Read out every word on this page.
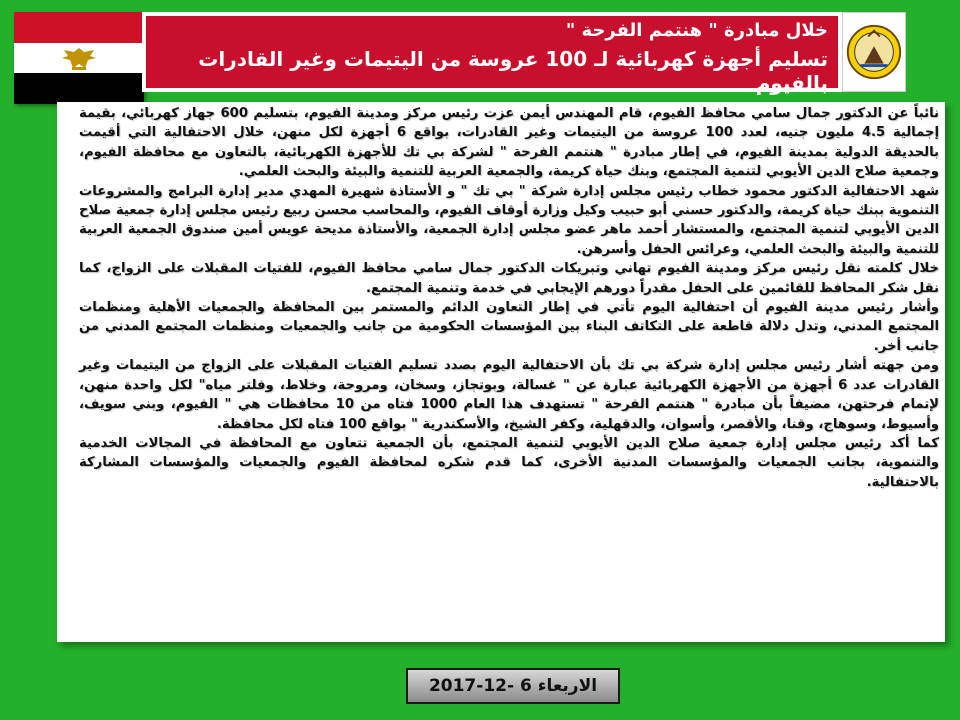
خلال مبادرة " هنتمم الفرحة "
تسليم أجهزة كهربائية لـ 100 عروسة من اليتيمات وغير القادرات بالفيوم

نائباً عن الدكتور جمال سامي محافظ الفيوم، قام المهندس أيمن عزت رئيس مركز ومدينة الفيوم، بتسليم 600 جهاز كهربائي، بقيمة إجمالية 4.5 مليون جنيه، لعدد 100 عروسة من اليتيمات وغير القادرات، بواقع 6 أجهزة لكل منهن، خلال الاحتفالية التي أقيمت بالحديقة الدولية بمدينة الفيوم، في إطار مبادرة " هنتمم الفرحة " لشركة بي تك للأجهزة الكهربائية، بالتعاون مع محافظة الفيوم، وجمعية صلاح الدين الأيوبي لتنمية المجتمع، وبنك حياة كريمة، والجمعية العربية للتنمية والبيئة والبحث العلمي.

شهد الاحتفالية الدكتور محمود خطاب رئيس مجلس إدارة شركة " بي تك " و الأستاذة شهيرة المهدي مدير إدارة البرامج والمشروعات التنموية ببنك حياة كريمة، والدكتور حسني أبو حبيب وكيل وزارة أوقاف الفيوم، والمحاسب محسن ربيع رئيس مجلس إدارة جمعية صلاح الدين الأيوبي لتنمية المجتمع، والمستشار أحمد ماهر عضو مجلس إدارة الجمعية، والأستاذة مديحة عويس أمين صندوق الجمعية العربية للتنمية والبيئة والبحث العلمي، وعرائس الحفل وأسرهن.

خلال كلمته نقل رئيس مركز ومدينة الفيوم تهاني وتبريكات الدكتور جمال سامي محافظ الفيوم، للفتيات المقبلات على الزواج، كما نقل شكر المحافظ للقائمين على الحفل مقدراً دورهم الإيجابي في خدمة وتنمية المجتمع.

وأشار رئيس مدينة الفيوم أن احتفالية اليوم تأتي في إطار التعاون الدائم والمستمر بين المحافظة والجمعيات الأهلية ومنظمات المجتمع المدني، وتدل دلالة قاطعة على التكاتف البناء بين المؤسسات الحكومية من جانب والجمعيات ومنظمات المجتمع المدني من جانب أخر.

ومن جهته أشار رئيس مجلس إدارة شركة بي تك بأن الاحتفالية اليوم بصدد تسليم الفتيات المقبلات على الزواج من اليتيمات وغير القادرات عدد 6 أجهزة من الأجهزة الكهربائية عبارة عن " غسالة، وبوتجاز، وسخان، ومروحة، وخلاط، وفلتر مياه" لكل واحدة منهن، لإتمام فرحتهن، مضيفاً بأن مبادرة " هنتمم الفرحة " تستهدف هذا العام 1000 فتاه من 10 محافظات هي " الفيوم، وبني سويف، وأسيوط، وسوهاج، وقنا، والأقصر، وأسوان، والدقهلية، وكفر الشيخ، والأسكندرية " بواقع 100 فتاه لكل محافظة.

كما أكد رئيس مجلس إدارة جمعية صلاح الدين الأيوبي لتنمية المجتمع، بأن الجمعية تتعاون مع المحافظة في المجالات الخدمية والتنموية، بجانب الجمعيات والمؤسسات المدنية الأخرى، كما قدم شكره لمحافظة الفيوم والجمعيات والمؤسسات المشاركة بالاحتفالية.

الاربعاء 6 -12-2017
